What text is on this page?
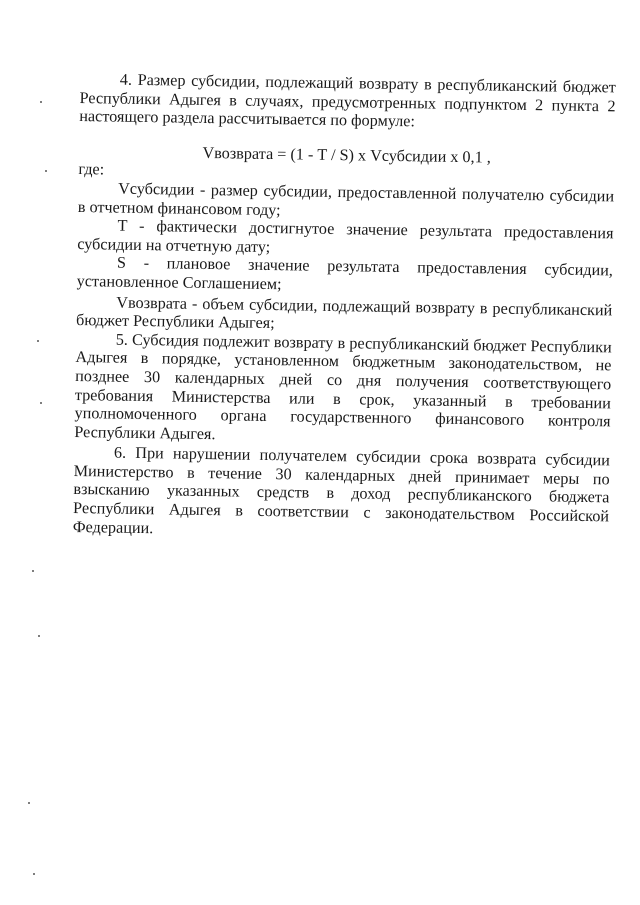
4. Размер субсидии, подлежащий возврату в республиканский бюджет Республики Адыгея в случаях, предусмотренных подпунктом 2 пункта 2 настоящего раздела рассчитывается по формуле:

Vвозврата = (1 - T / S) х Vсубсидии х 0,1 ,

где:

Vсубсидии - размер субсидии, предоставленной получателю субсидии в отчетном финансовом году;

T - фактически достигнутое значение результата предоставления субсидии на отчетную дату;

S - плановое значение результата предоставления субсидии, установленное Соглашением;

Vвозврата - объем субсидии, подлежащий возврату в республиканский бюджет Республики Адыгея;

5. Субсидия подлежит возврату в республиканский бюджет Республики Адыгея в порядке, установленном бюджетным законодательством, не позднее 30 календарных дней со дня получения соответствующего требования Министерства или в срок, указанный в требовании уполномоченного органа государственного финансового контроля Республики Адыгея.

6. При нарушении получателем субсидии срока возврата субсидии Министерство в течение 30 календарных дней принимает меры по взысканию указанных средств в доход республиканского бюджета Республики Адыгея в соответствии с законодательством Российской Федерации.
